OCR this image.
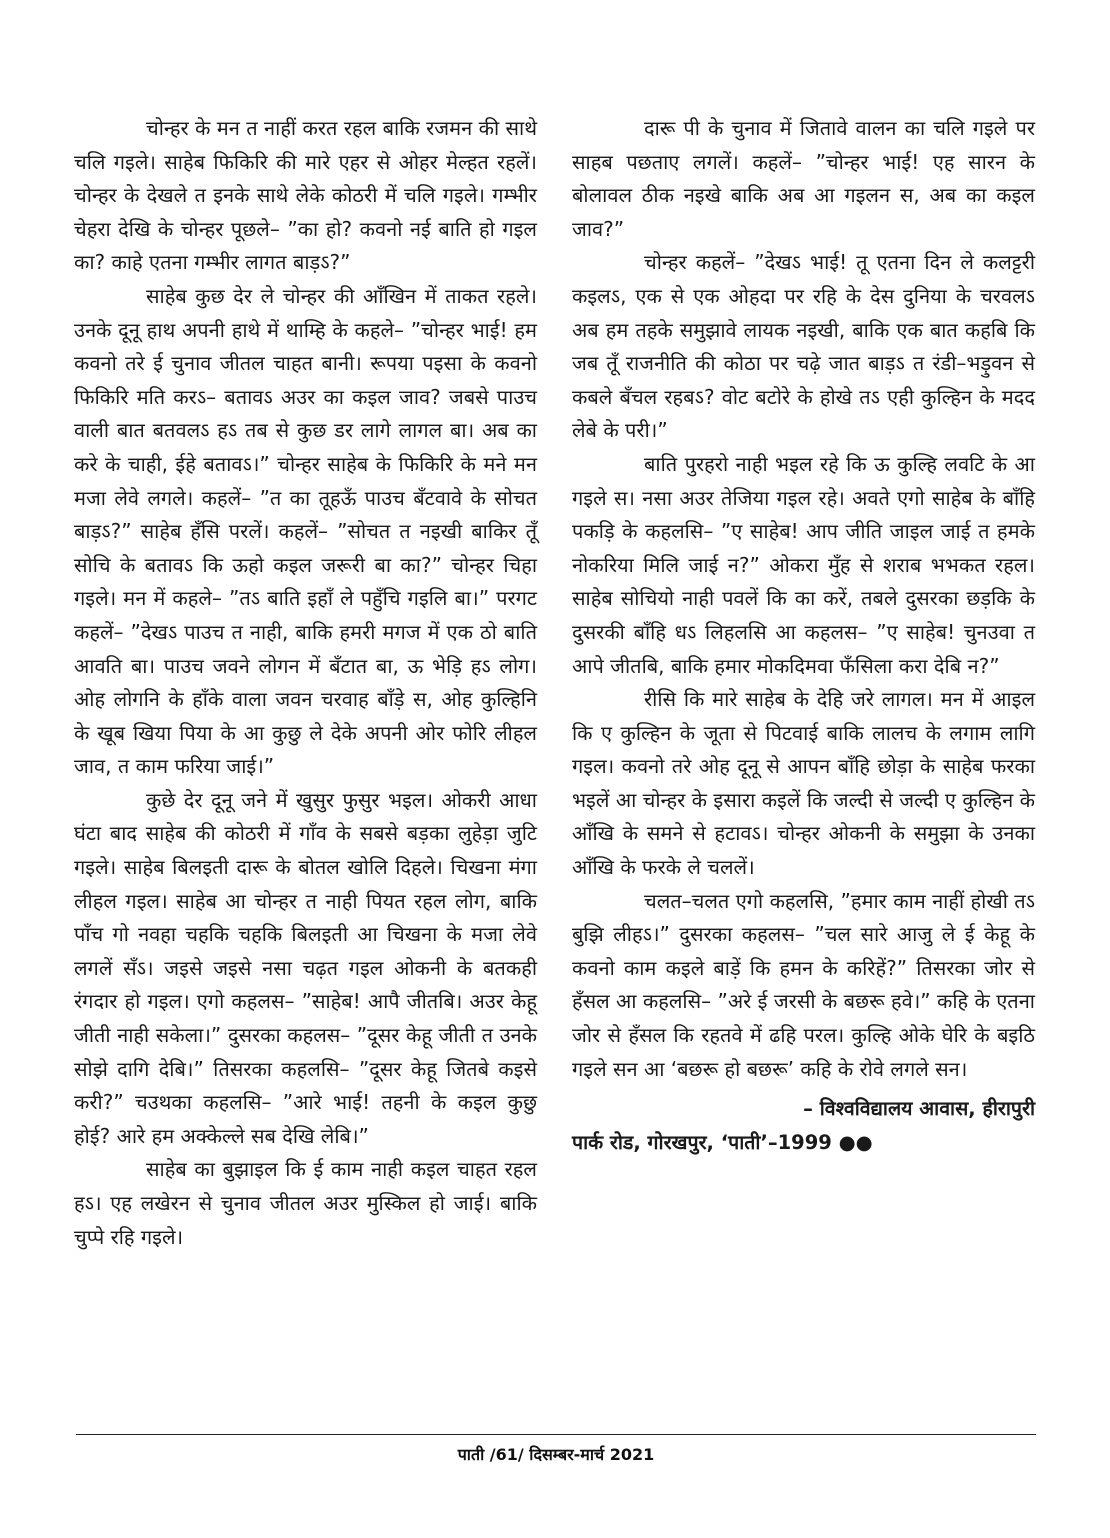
चोन्हर के मन त नाहीं करत रहल बाकि रजमन की साथे चलि गइले। साहेब फिकिरि की मारे एहर से ओहर मेल्हत रहलें। चोन्हर के देखले त इनके साथे लेके कोठरी में चलि गइले। गम्भीर चेहरा देखि के चोन्हर पूछले– ”का हो? कवनो नई बाति हो गइल का? काहे एतना गम्भीर लागत बाड़ऽ?”

साहेब कुछ देर ले चोन्हर की आँखिन में ताकत रहले। उनके दूनू हाथ अपनी हाथे में थाम्हि के कहले– ”चोन्हर भाई! हम कवनो तरे ई चुनाव जीतल चाहत बानी। रूपया पइसा के कवनो फिकिरि मति करऽ– बतावऽ अउर का कइल जाव? जबसे पाउच वाली बात बतवलऽ हऽ तब से कुछ डर लागे लागल बा। अब का करे के चाही, ईहे बतावऽ।” चोन्हर साहेब के फिकिरि के मने मन मजा लेवे लगले। कहलें– ”त का तूहऊँ पाउच बँटवावे के सोचत बाड़ऽ?” साहेब हँसि परलें। कहलें– ”सोचत त नइखी बाकिर तूँ सोचि के बतावऽ कि ऊहो कइल जरूरी बा का?” चोन्हर चिहा गइले। मन में कहले– ”तऽ बाति इहाँ ले पहुँचि गइलि बा।” परगट कहलें– ”देखऽ पाउच त नाही, बाकि हमरी मगज में एक ठो बाति आवति बा। पाउच जवने लोगन में बँटात बा, ऊ भेड़ि हऽ लोग। ओह लोगनि के हाँके वाला जवन चरवाह बाँड़े स, ओह कुल्हिनि के खूब खिया पिया के आ कुछु ले देके अपनी ओर फोरि लीहल जाव, त काम फरिया जाई।”

कुछे देर दूनू जने में खुसुर फुसुर भइल। ओकरी आधा घंटा बाद साहेब की कोठरी में गाँव के सबसे बड़का लुहेड़ा जुटि गइले। साहेब बिलइती दारू के बोतल खोलि दिहले। चिखना मंगा लीहल गइल। साहेब आ चोन्हर त नाही पियत रहल लोग, बाकि पाँच गो नवहा चहकि चहकि बिलइती आ चिखना के मजा लेवे लगलें सँऽ। जइसे जइसे नसा चढ़त गइल ओकनी के बतकही रंगदार हो गइल। एगो कहलस– ”साहेब! आपै जीतबि। अउर केहू जीती नाही सकेला।” दुसरका कहलस– ”दूसर केहू जीती त उनके सोझे दागि देबि।” तिसरका कहलसि– ”दूसर केहू जितबे कइसे करी?” चउथका कहलसि– ”आरे भाई! तहनी के कइल कुछु होई? आरे हम अक्केल्ले सब देखि लेबि।”

साहेब का बुझाइल कि ई काम नाही कइल चाहत रहल हऽ। एह लखेरन से चुनाव जीतल अउर मुस्किल हो जाई। बाकि चुप्पे रहि गइले।

दारू पी के चुनाव में जितावे वालन का चलि गइले पर साहब पछताए लगलें। कहलें– ”चोन्हर भाई! एह सारन के बोलावल ठीक नइखे बाकि अब आ गइलन स, अब का कइल जाव?”

चोन्हर कहलें– ”देखऽ भाई! तू एतना दिन ले कलट्टरी कइलऽ, एक से एक ओहदा पर रहि के देस दुनिया के चरवलऽ अब हम तहके समुझावे लायक नइखी, बाकि एक बात कहबि कि जब तूँ राजनीति की कोठा पर चढ़े जात बाड़ऽ त रंडी–भड़ुवन से कबले बँचल रहबऽ? वोट बटोरे के होखे तऽ एही कुल्हिन के मदद लेबे के परी।”

बाति पुरहरो नाही भइल रहे कि ऊ कुल्हि लवटि के आ गइले स। नसा अउर तेजिया गइल रहे। अवते एगो साहेब के बाँहि पकड़ि के कहलसि– ”ए साहेब! आप जीति जाइल जाई त हमके नोकरिया मिलि जाई न?” ओकरा मुँह से शराब भभकत रहल। साहेब सोचियो नाही पवलें कि का करें, तबले दुसरका छड़कि के दुसरकी बाँहि धऽ लिहलसि आ कहलस– ”ए साहेब! चुनउवा त आपे जीतबि, बाकि हमार मोकदिमवा फँसिला करा देबि न?”

रीसि कि मारे साहेब के देहि जरे लागल। मन में आइल कि ए कुल्हिन के जूता से पिटवाई बाकि लालच के लगाम लागि गइल। कवनो तरे ओह दूनू से आपन बाँहि छोड़ा के साहेब फरका भइलें आ चोन्हर के इसारा कइलें कि जल्दी से जल्दी ए कुल्हिन के आँखि के समने से हटावऽ। चोन्हर ओकनी के समुझा के उनका आँखि के फरके ले चललें।

चलत–चलत एगो कहलसि, ”हमार काम नाहीं होखी तऽ बुझि लीहऽ।” दुसरका कहलस– ”चल सारे आजु ले ई केहू के कवनो काम कइले बाड़ें कि हमन के करिहें?” तिसरका जोर से हँसल आ कहलसि– ”अरे ई जरसी के बछरू हवे।” कहि के एतना जोर से हँसल कि रहतवे में ढहि परल। कुल्हि ओके घेरि के बइठि गइले सन आ ‘बछरू हो बछरू’ कहि के रोवे लगले सन।

– विश्वविद्यालय आवास, हीरापुरी
पार्क रोड, गोरखपुर, ‘पाती’–1999 ●●
पाती /61/ दिसम्बर-मार्च 2021
